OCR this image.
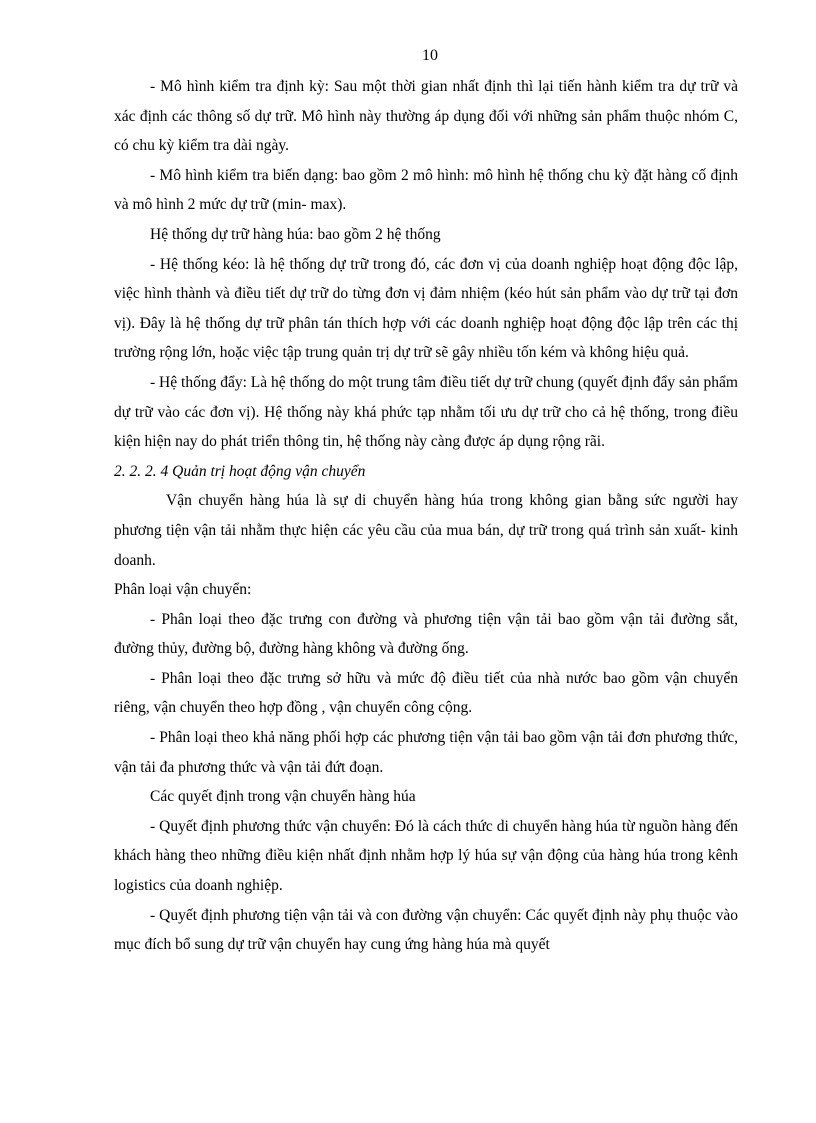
10

- Mô hình kiểm tra định kỳ: Sau một thời gian nhất định thì lại tiến hành kiểm tra dự trữ và xác định các thông số dự trữ. Mô hình này thường áp dụng đối với những sản phẩm thuộc nhóm C, có chu kỳ kiểm tra dài ngày.

- Mô hình kiểm tra biến dạng: bao gồm 2 mô hình: mô hình hệ thống chu kỳ đặt hàng cố định và mô hình 2 mức dự trữ (min- max).

Hệ thống dự trữ hàng húa: bao gồm 2 hệ thống

- Hệ thống kéo: là hệ thống dự trữ trong đó, các đơn vị của doanh nghiệp hoạt động độc lập, việc hình thành và điều tiết dự trữ do từng đơn vị đảm nhiệm (kéo hút sản phẩm vào dự trữ tại đơn vị). Đây là hệ thống dự trữ phân tán thích hợp với các doanh nghiệp hoạt động độc lập trên các thị trường rộng lớn, hoặc việc tập trung quản trị dự trữ sẽ gây nhiều tốn kém và không hiệu quả.

- Hệ thống đẩy: Là hệ thống do một trung tâm điều tiết dự trữ chung (quyết định đẩy sản phẩm dự trữ vào các đơn vị). Hệ thống này khá phức tạp nhằm tối ưu dự trữ cho cả hệ thống, trong điều kiện hiện nay do phát triển thông tin, hệ thống này càng được áp dụng rộng rãi.

2. 2. 2. 4 Quản trị hoạt động vận chuyển

Vận chuyển hàng húa là sự di chuyển hàng húa trong không gian bằng sức người hay phương tiện vận tải nhằm thực hiện các yêu cầu của mua bán, dự trữ trong quá trình sản xuất- kinh doanh.

Phân loại vận chuyển:

- Phân loại theo đặc trưng con đường và phương tiện vận tải bao gồm vận tải đường sắt, đường thủy, đường bộ, đường hàng không và đường ống.

- Phân loại theo đặc trưng sở hữu và mức độ điều tiết của nhà nước bao gồm vận chuyển riêng, vận chuyển theo hợp đồng , vận chuyển công cộng.

- Phân loại theo khả năng phối hợp các phương tiện vận tải bao gồm vận tải đơn phương thức, vận tải đa phương thức và vận tải đứt đoạn.

Các quyết định trong vận chuyển hàng húa

- Quyết định phương thức vận chuyển: Đó là cách thức di chuyển hàng húa từ nguồn hàng đến khách hàng theo những điều kiện nhất định nhằm hợp lý húa sự vận động của hàng húa trong kênh logistics của doanh nghiệp.

- Quyết định phương tiện vận tải và con đường vận chuyển: Các quyết định này phụ thuộc vào mục đích bổ sung dự trữ vận chuyển hay cung ứng hàng húa mà quyết
